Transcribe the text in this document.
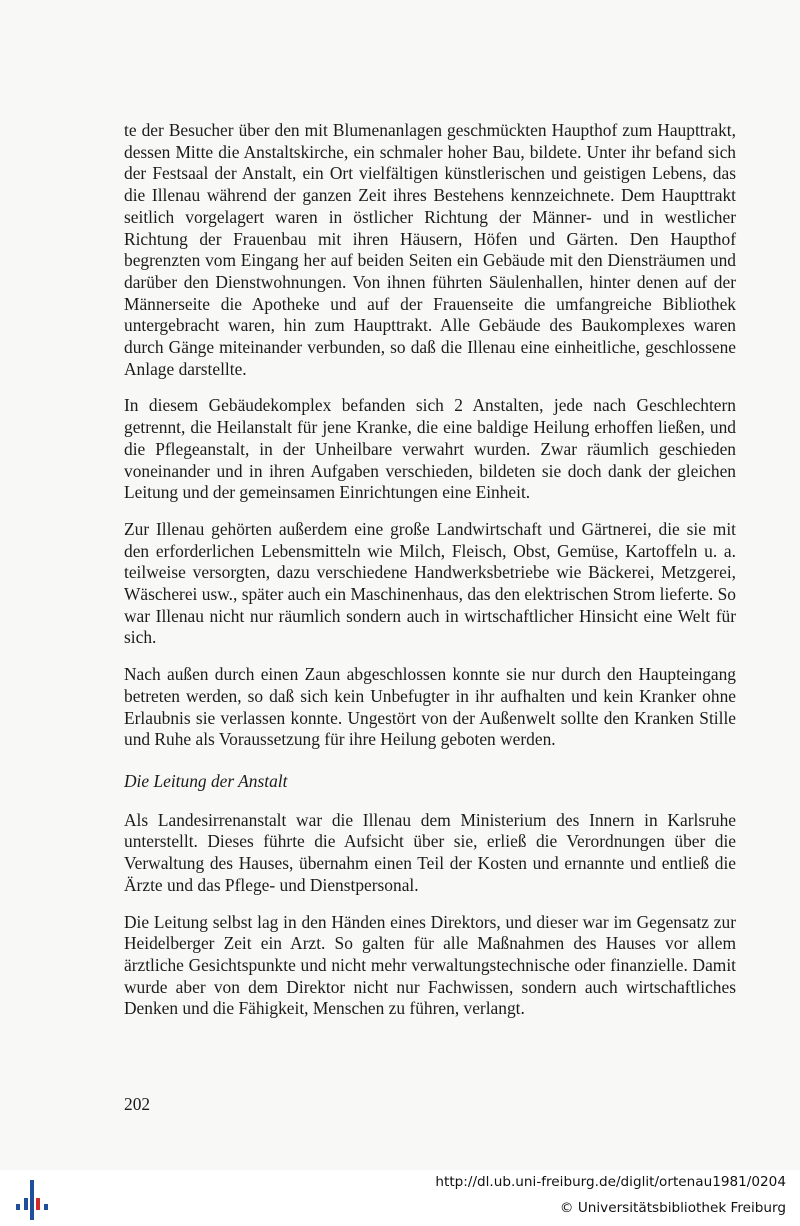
te der Besucher über den mit Blumenanlagen geschmückten Haupthof zum Haupttrakt, dessen Mitte die Anstaltskirche, ein schmaler hoher Bau, bildete. Unter ihr befand sich der Festsaal der Anstalt, ein Ort vielfältigen künstlerischen und geistigen Lebens, das die Illenau während der ganzen Zeit ihres Bestehens kennzeichnete. Dem Haupttrakt seitlich vorgelagert waren in östlicher Richtung der Männer- und in westlicher Richtung der Frauenbau mit ihren Häusern, Höfen und Gärten. Den Haupthof begrenzten vom Eingang her auf beiden Seiten ein Gebäude mit den Diensträumen und darüber den Dienstwohnungen. Von ihnen führten Säulenhallen, hinter denen auf der Männerseite die Apotheke und auf der Frauenseite die umfangreiche Bibliothek untergebracht waren, hin zum Haupttrakt. Alle Gebäude des Baukomplexes waren durch Gänge miteinander verbunden, so daß die Illenau eine einheitliche, geschlossene Anlage darstellte.

In diesem Gebäudekomplex befanden sich 2 Anstalten, jede nach Geschlechtern getrennt, die Heilanstalt für jene Kranke, die eine baldige Heilung erhoffen ließen, und die Pflegeanstalt, in der Unheilbare verwahrt wurden. Zwar räumlich geschieden voneinander und in ihren Aufgaben verschieden, bildeten sie doch dank der gleichen Leitung und der gemeinsamen Einrichtungen eine Einheit.

Zur Illenau gehörten außerdem eine große Landwirtschaft und Gärtnerei, die sie mit den erforderlichen Lebensmitteln wie Milch, Fleisch, Obst, Gemüse, Kartoffeln u. a. teilweise versorgten, dazu verschiedene Handwerksbetriebe wie Bäckerei, Metzgerei, Wäscherei usw., später auch ein Maschinenhaus, das den elektrischen Strom lieferte. So war Illenau nicht nur räumlich sondern auch in wirtschaftlicher Hinsicht eine Welt für sich.

Nach außen durch einen Zaun abgeschlossen konnte sie nur durch den Haupteingang betreten werden, so daß sich kein Unbefugter in ihr aufhalten und kein Kranker ohne Erlaubnis sie verlassen konnte. Ungestört von der Außenwelt sollte den Kranken Stille und Ruhe als Voraussetzung für ihre Heilung geboten werden.

Die Leitung der Anstalt

Als Landesirrenanstalt war die Illenau dem Ministerium des Innern in Karlsruhe unterstellt. Dieses führte die Aufsicht über sie, erließ die Verordnungen über die Verwaltung des Hauses, übernahm einen Teil der Kosten und ernannte und entließ die Ärzte und das Pflege- und Dienstpersonal.

Die Leitung selbst lag in den Händen eines Direktors, und dieser war im Gegensatz zur Heidelberger Zeit ein Arzt. So galten für alle Maßnahmen des Hauses vor allem ärztliche Gesichtspunkte und nicht mehr verwaltungstechnische oder finanzielle. Damit wurde aber von dem Direktor nicht nur Fachwissen, sondern auch wirtschaftliches Denken und die Fähigkeit, Menschen zu führen, verlangt.

202
http://dl.ub.uni-freiburg.de/diglit/ortenau1981/0204
© Universitätsbibliothek Freiburg
